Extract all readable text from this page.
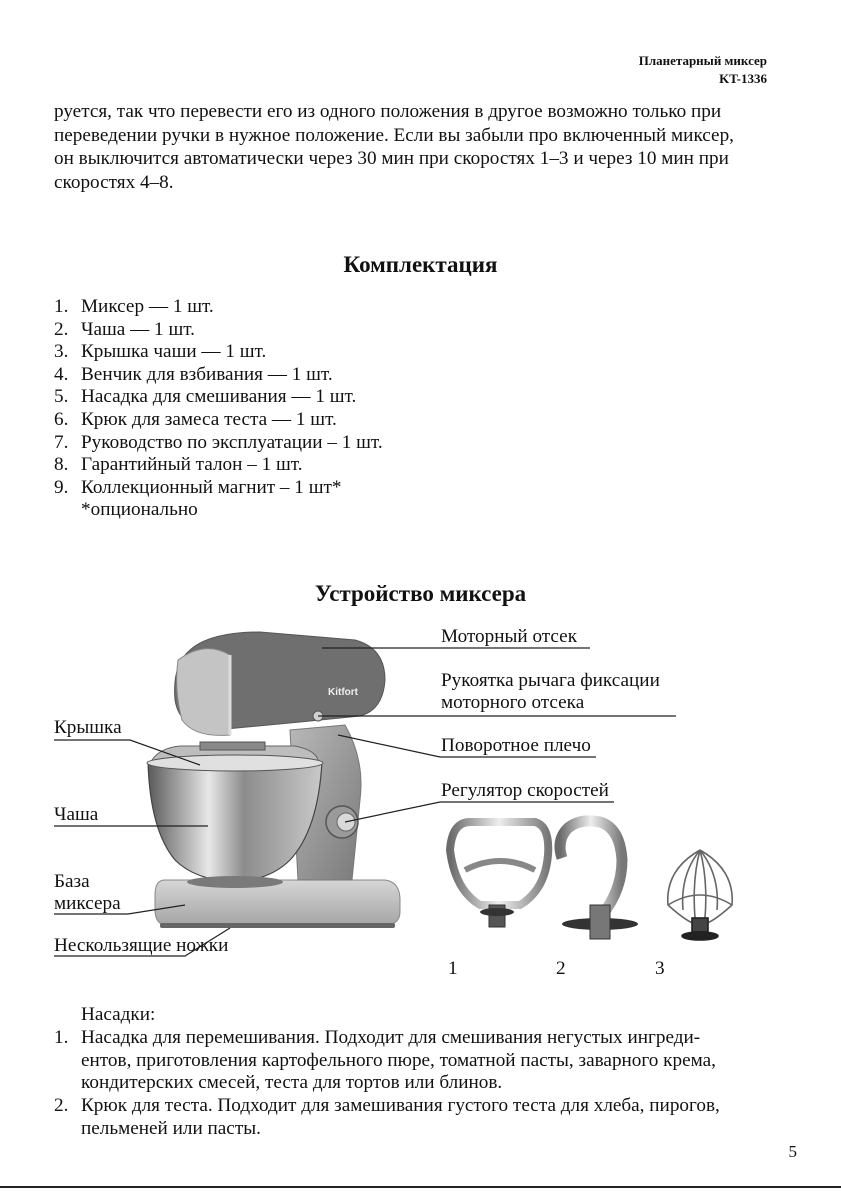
Планетарный миксер
KT-1336
руется, так что перевести его из одного положения в другое возможно только при
переведении ручки в нужное положение. Если вы забыли про включенный миксер,
он выключится автоматически через 30 мин при скоростях 1–3 и через 10 мин при
скоростях 4–8.
Комплектация
1. Миксер — 1 шт.
2. Чаша — 1 шт.
3. Крышка чаши — 1 шт.
4. Венчик для взбивания — 1 шт.
5. Насадка для смешивания — 1 шт.
6. Крюк для замеса теста — 1 шт.
7. Руководство по эксплуатации – 1 шт.
8. Гарантийный талон – 1 шт.
9. Коллекционный магнит – 1 шт*
*опционально
Устройство миксера
Kitfort
Моторный отсек
Рукоятка рычага фиксации
моторного отсека
Поворотное плечо
Регулятор скоростей
Крышка
Чаша
База
миксера
Нескользящие ножки
1	2	3
Насадки:
1. Насадка для перемешивания. Подходит для смешивания негустых ингреди-
ентов, приготовления картофельного пюре, томатной пасты, заварного крема,
кондитерских смесей, теста для тортов или блинов.
2. Крюк для теста. Подходит для замешивания густого теста для хлеба, пирогов,
пельменей или пасты.
5
